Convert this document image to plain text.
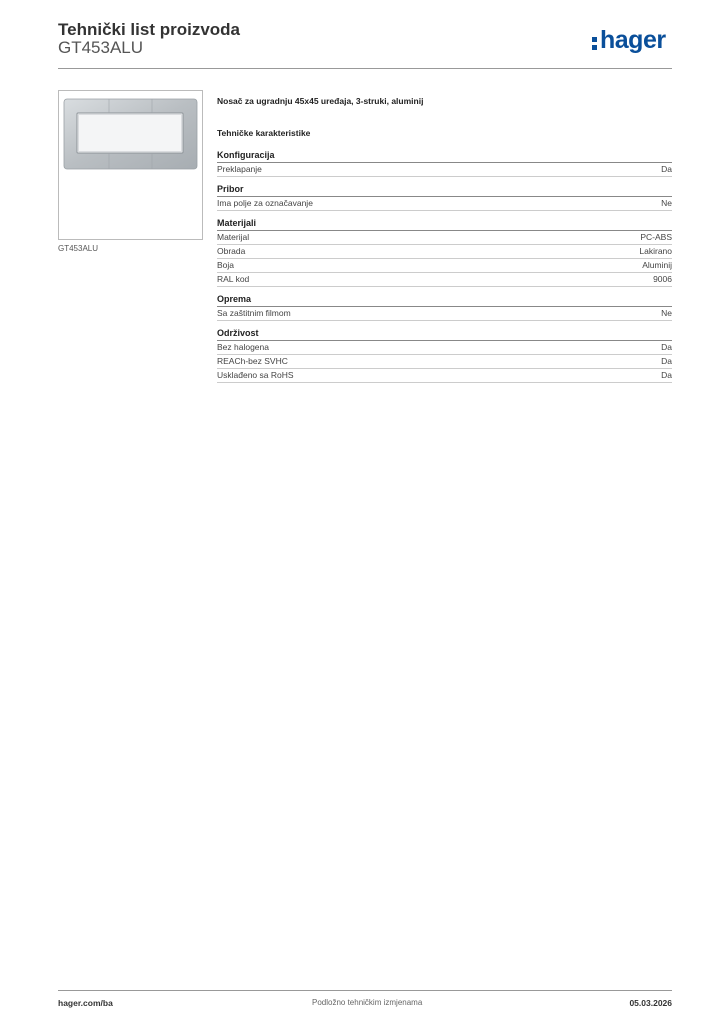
Tehnički list proizvoda
GT453ALU	hager
GT453ALU
Nosač za ugradnju 45x45 uređaja, 3-struki, aluminij
Tehničke karakteristike
Konfiguracija
Preklapanje	Da
Pribor
Ima polje za označavanje	Ne
Materijali
Materijal	PC-ABS
Obrada	Lakirano
Boja	Aluminij
RAL kod	9006
Oprema
Sa zaštitnim filmom	Ne
Održivost
Bez halogena	Da
REACh-bez SVHC	Da
Usklađeno sa RoHS	Da
hager.com/ba	Podložno tehničkim izmjenama	05.03.2026
